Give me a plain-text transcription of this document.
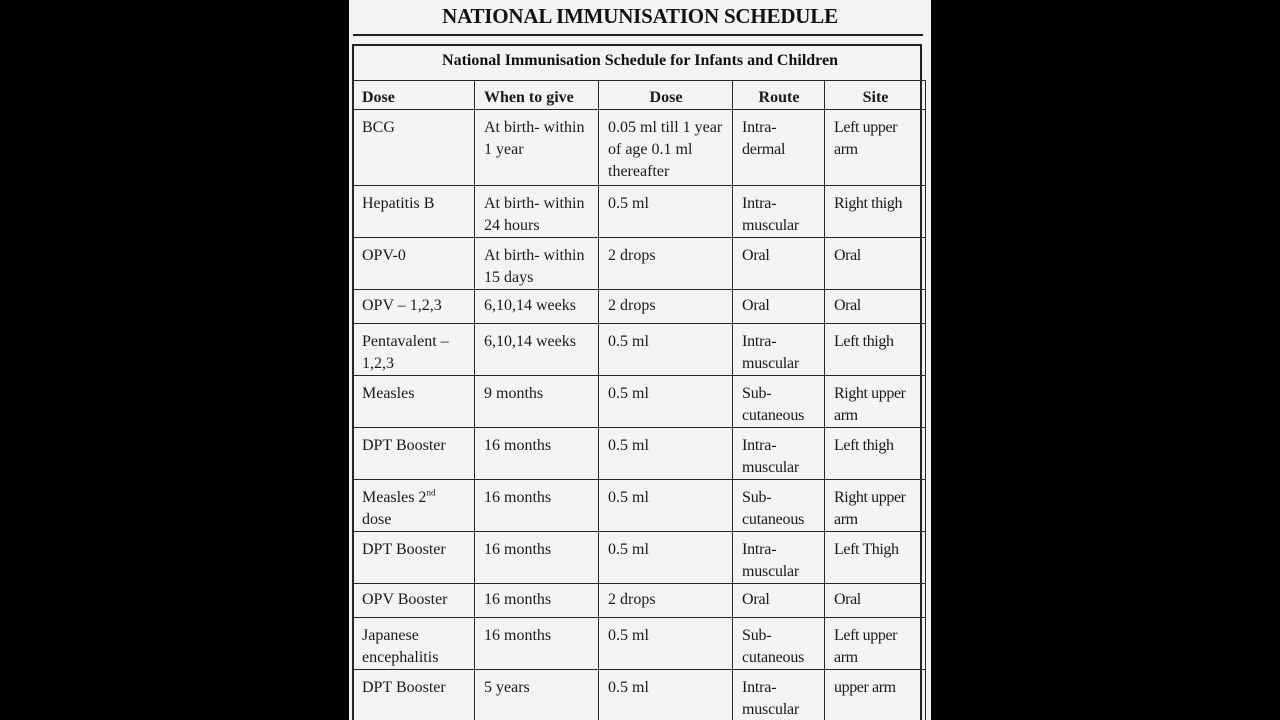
NATIONAL IMMUNISATION SCHEDULE
National Immunisation Schedule for Infants and Children
Dose	When to give	Dose	Route	Site
BCG	At birth- within 1 year	0.05 ml till 1 year of age 0.1 ml thereafter	Intra-dermal	Left upper arm
Hepatitis B	At birth- within 24 hours	0.5 ml	Intra-muscular	Right thigh
OPV-0	At birth- within 15 days	2 drops	Oral	Oral
OPV – 1,2,3	6,10,14 weeks	2 drops	Oral	Oral
Pentavalent – 1,2,3	6,10,14 weeks	0.5 ml	Intra-muscular	Left thigh
Measles	9 months	0.5 ml	Sub-cutaneous	Right upper arm
DPT Booster	16 months	0.5 ml	Intra-muscular	Left thigh
Measles 2nd dose	16 months	0.5 ml	Sub-cutaneous	Right upper arm
DPT Booster	16 months	0.5 ml	Intra-muscular	Left Thigh
OPV Booster	16 months	2 drops	Oral	Oral
Japanese encephalitis	16 months	0.5 ml	Sub-cutaneous	Left upper arm
DPT Booster	5 years	0.5 ml	Intra-muscular	upper arm
